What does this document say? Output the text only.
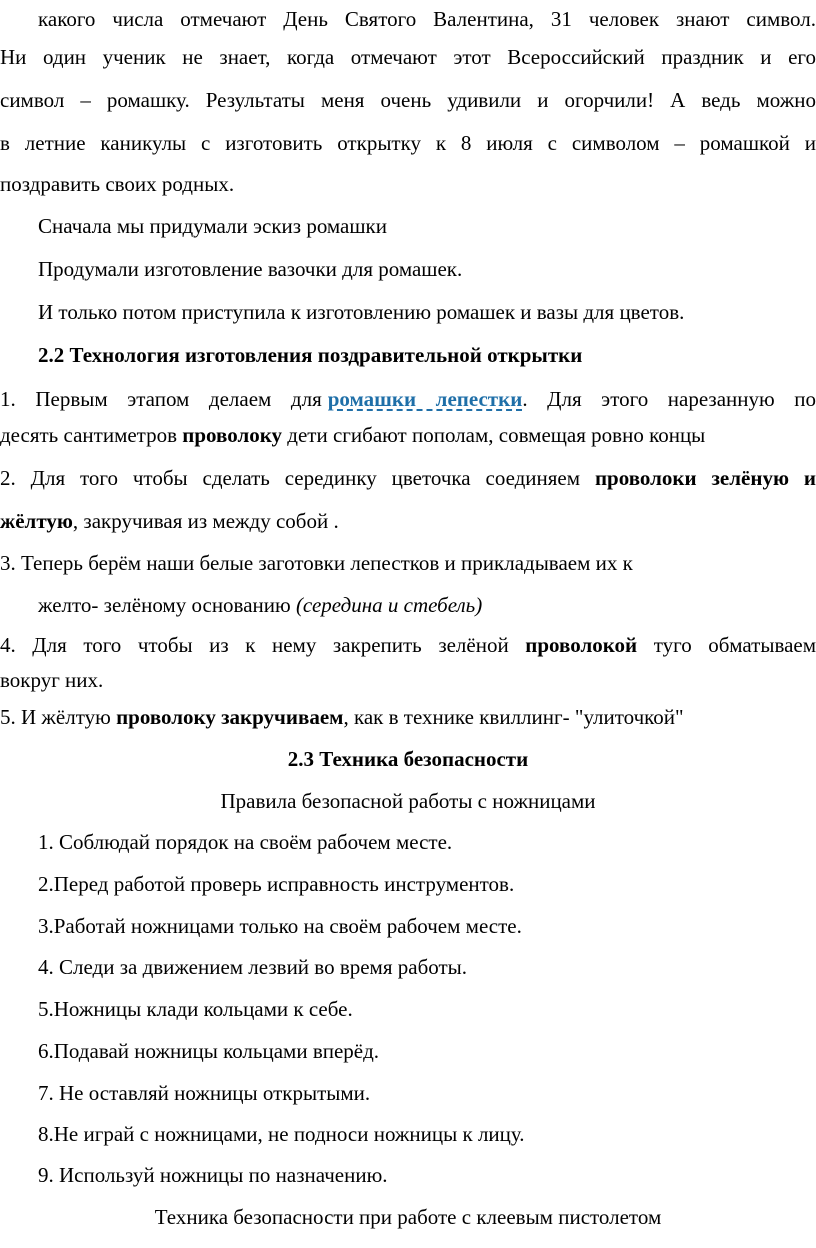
какого числа отмечают День Святого Валентина, 31 человек знают символ.
Ни один ученик не знает, когда отмечают этот Всероссийский праздник и его
символ – ромашку. Результаты меня очень удивили и огорчили! А ведь можно
в летние каникулы с изготовить открытку к 8 июля с символом – ромашкой и
поздравить своих родных.
Сначала мы придумали эскиз ромашки
Продумали изготовление вазочки для ромашек.
И только потом приступила к изготовлению ромашек и вазы для цветов.
2.2 Технология изготовления поздравительной открытки
1. Первым этапом делаем для ромашки лепестки. Для этого нарезанную по
десять сантиметров проволоку дети сгибают пополам, совмещая ровно концы
2. Для того чтобы сделать серединку цветочка соединяем проволоки зелёную и
жёлтую, закручивая из между собой .
3. Теперь берём наши белые заготовки лепестков и прикладываем их к
желто- зелёному основанию (середина и стебель)
4. Для того чтобы из к нему закрепить зелёной проволокой туго обматываем
вокруг них.
5. И жёлтую проволоку закручиваем, как в технике квиллинг- "улиточкой"
2.3 Техника безопасности
Правила безопасной работы с ножницами
1. Соблюдай порядок на своём рабочем месте.
2.Перед работой проверь исправность инструментов.
3.Работай ножницами только на своём рабочем месте.
4. Следи за движением лезвий во время работы.
5.Ножницы клади кольцами к себе.
6.Подавай ножницы кольцами вперёд.
7. Не оставляй ножницы открытыми.
8.Не играй с ножницами, не подноси ножницы к лицу.
9. Используй ножницы по назначению.
Техника безопасности при работе с клеевым пистолетом
